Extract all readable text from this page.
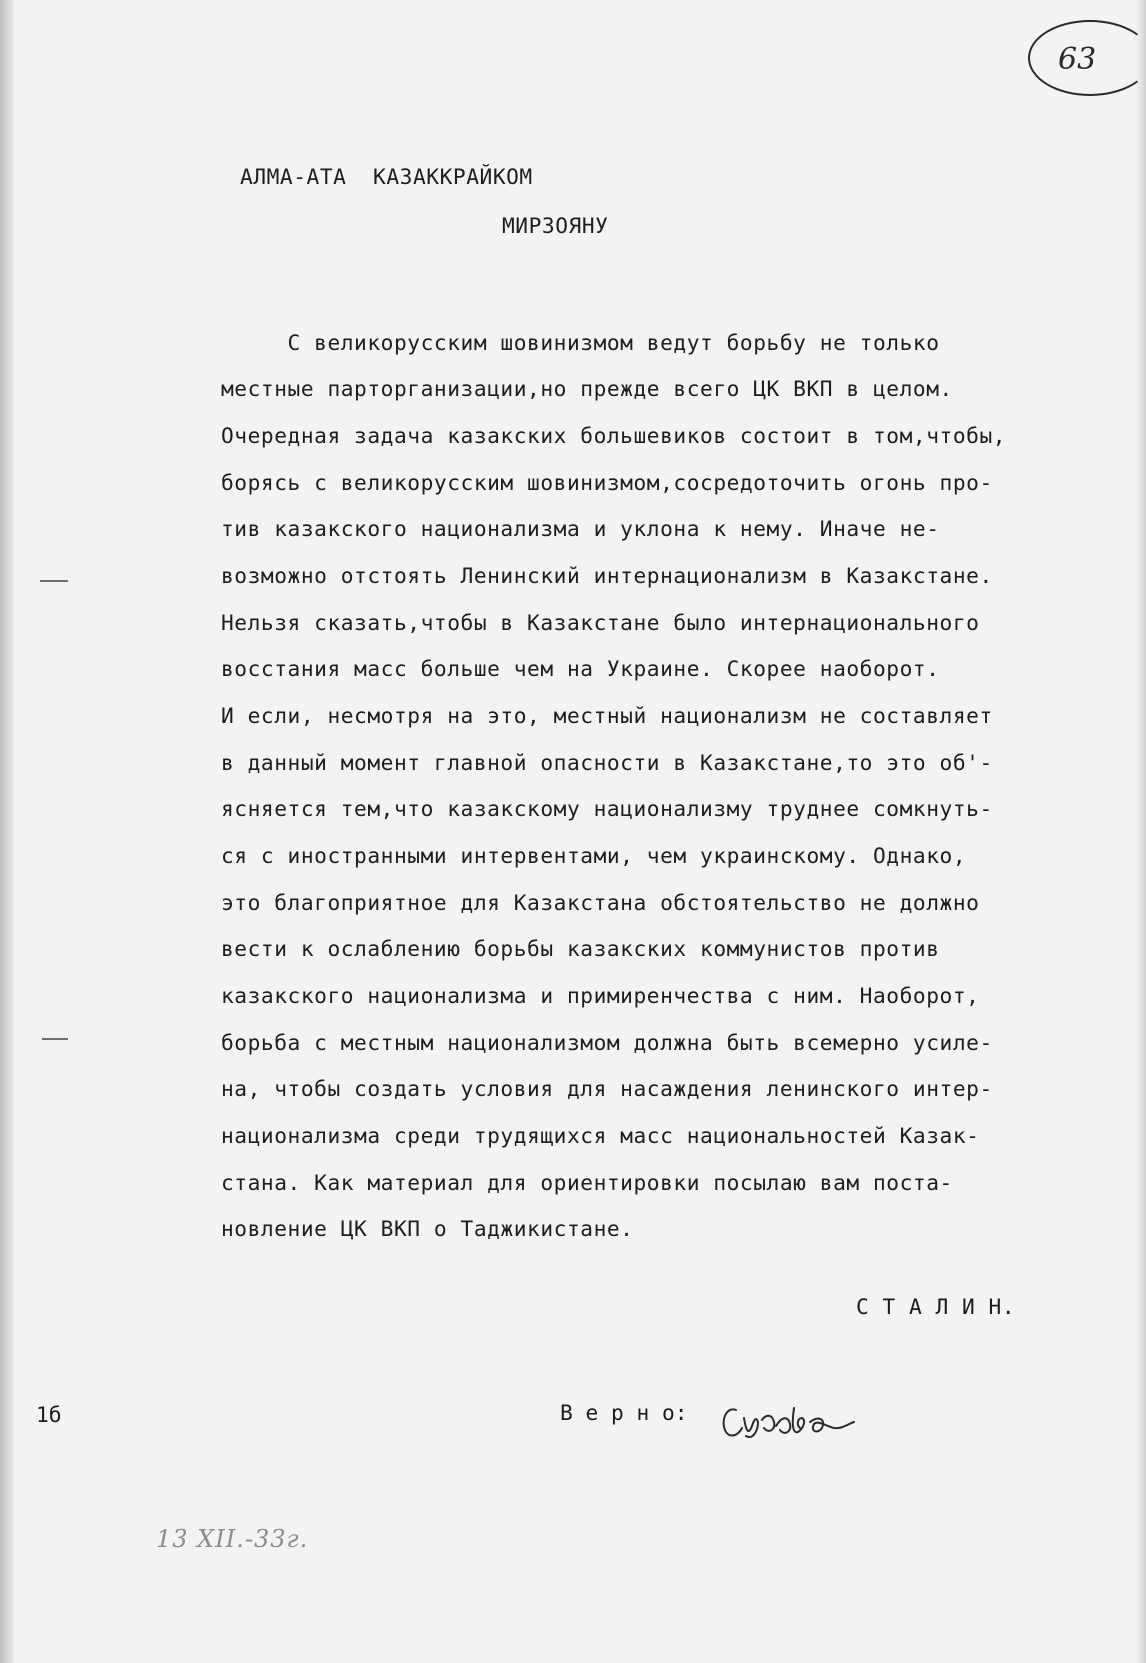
63
АЛМА-АТА  КАЗАККРАЙКОМ
МИРЗОЯНУ
С великорусским шовинизмом ведут борьбу не только
местные парторганизации,но прежде всего ЦК ВКП в целом.
Очередная задача казакских большевиков состоит в том,чтобы,
борясь с великорусским шовинизмом,сосредоточить огонь про-
тив казакского национализма и уклона к нему. Иначе не-
возможно отстоять Ленинский интернационализм в Казакстане.
Нельзя сказать,чтобы в Казакстане было интернационального
восстания масс больше чем на Украине. Скорее наоборот.
И если, несмотря на это, местный национализм не составляет
в данный момент главной опасности в Казакстане,то это об'-
ясняется тем,что казакскому национализму труднее сомкнуть-
ся с иностранными интервентами, чем украинскому. Однако,
это благоприятное для Казакстана обстоятельство не должно
вести к ослаблению борьбы казакских коммунистов против
казакского национализма и примиренчества с ним. Наоборот,
борьба с местным национализмом должна быть всемерно усиле-
на, чтобы создать условия для насаждения ленинского интер-
национализма среди трудящихся масс национальностей Казак-
стана. Как материал для ориентировки посылаю вам поста-
новление ЦК ВКП о Таджикистане.
С Т А Л И Н.
1б	В е р н о:
13 XII.-33г.
